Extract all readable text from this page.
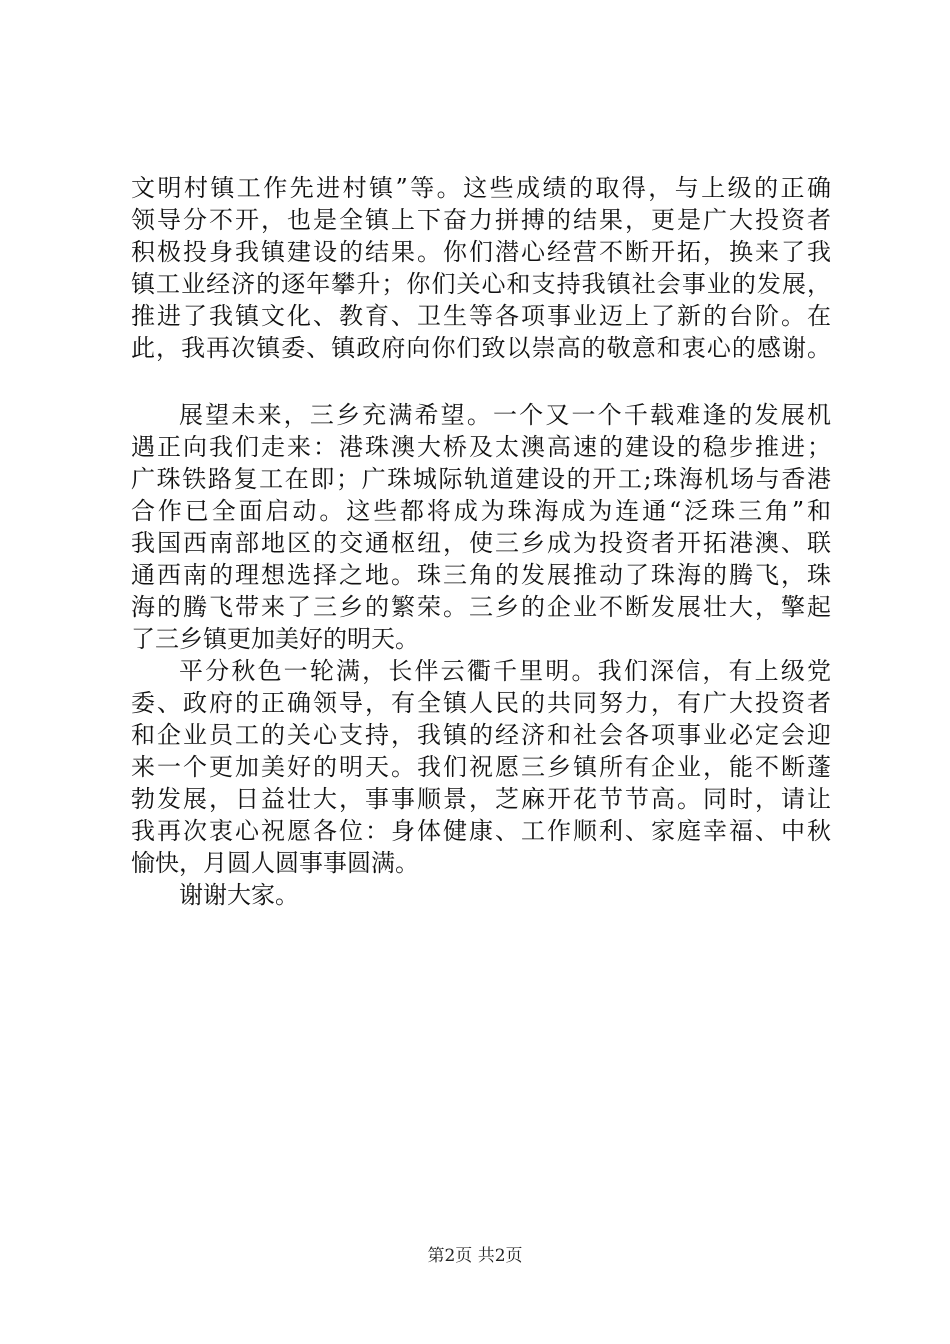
文明村镇工作先进村镇”等。这些成绩的取得，与上级的正确
领导分不开，也是全镇上下奋力拼搏的结果，更是广大投资者
积极投身我镇建设的结果。你们潜心经营不断开拓，换来了我
镇工业经济的逐年攀升；你们关心和支持我镇社会事业的发展，
推进了我镇文化、教育、卫生等各项事业迈上了新的台阶。在
此，我再次镇委、镇政府向你们致以崇高的敬意和衷心的感谢。
展望未来，三乡充满希望。一个又一个千载难逢的发展机
遇正向我们走来：港珠澳大桥及太澳高速的建设的稳步推进；
广珠铁路复工在即；广珠城际轨道建设的开工;珠海机场与香港
合作已全面启动。这些都将成为珠海成为连通“泛珠三角”和
我国西南部地区的交通枢纽，使三乡成为投资者开拓港澳、联
通西南的理想选择之地。珠三角的发展推动了珠海的腾飞，珠
海的腾飞带来了三乡的繁荣。三乡的企业不断发展壮大，擎起
了三乡镇更加美好的明天。
平分秋色一轮满，长伴云衢千里明。我们深信，有上级党
委、政府的正确领导，有全镇人民的共同努力，有广大投资者
和企业员工的关心支持，我镇的经济和社会各项事业必定会迎
来一个更加美好的明天。我们祝愿三乡镇所有企业，能不断蓬
勃发展，日益壮大，事事顺景，芝麻开花节节高。同时，请让
我再次衷心祝愿各位：身体健康、工作顺利、家庭幸福、中秋
愉快，月圆人圆事事圆满。
谢谢大家。
第2页 共2页
